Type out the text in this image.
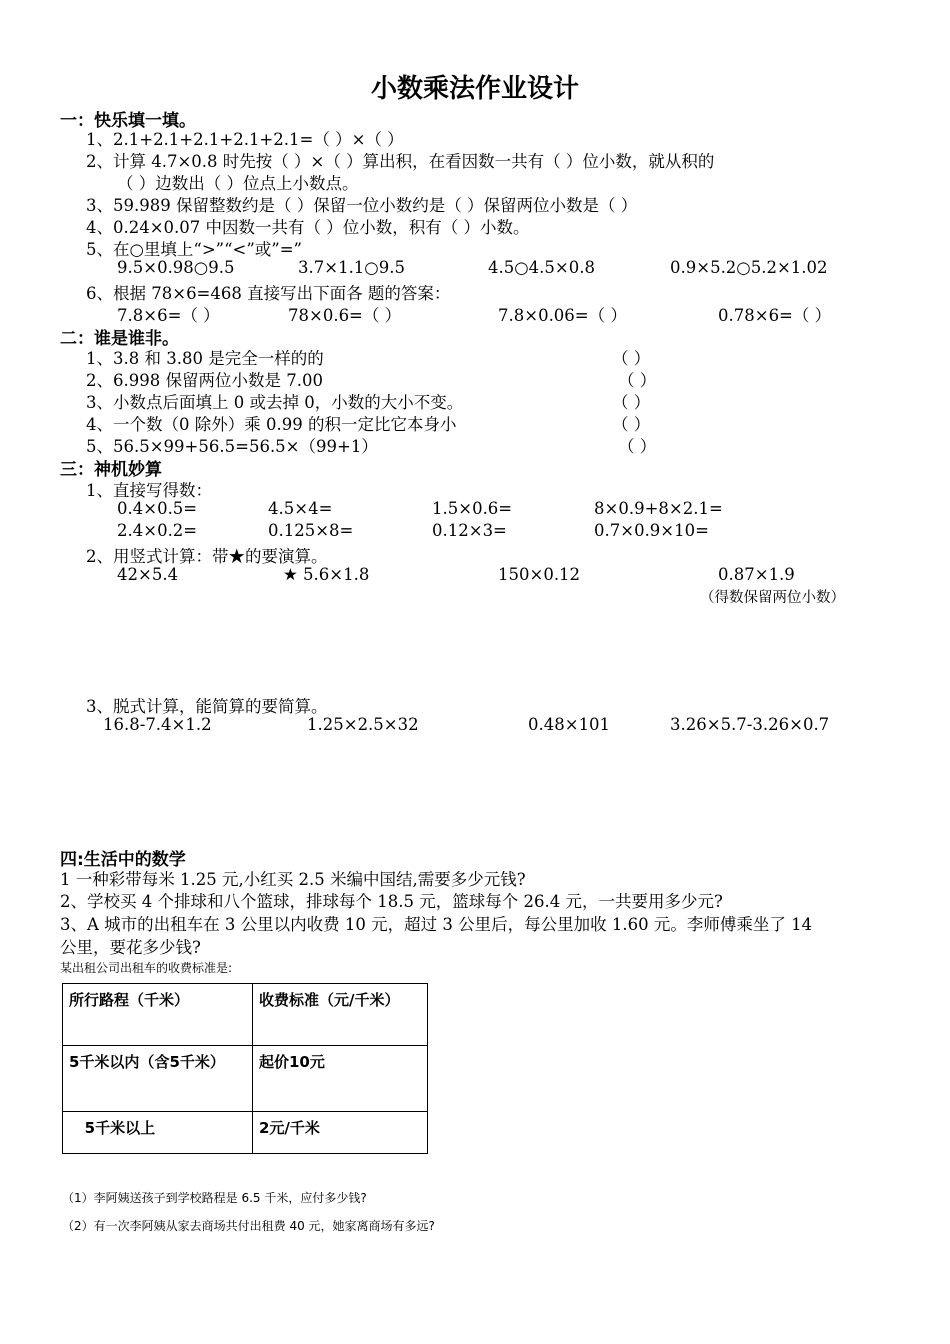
小数乘法作业设计
一：快乐填一填。
1、2.1+2.1+2.1+2.1+2.1=（ ）×（ ）
2、计算 4.7×0.8 时先按（ ）×（ ）算出积，在看因数一共有（ ）位小数，就从积的
（ ）边数出（ ）位点上小数点。
3、59.989 保留整数约是（ ）保留一位小数约是（ ）保留两位小数是（ ）
4、0.24×0.07 中因数一共有（ ）位小数，积有（ ）小数。
5、在○里填上“>”“<”或”=”
9.5×0.98○9.5	3.7×1.1○9.5	4.5○4.5×0.8	0.9×5.2○5.2×1.02
6、根据 78×6=468 直接写出下面各 题的答案：
7.8×6=（ ）	78×0.6=（ ）	7.8×0.06=（ ）	0.78×6=（ ）
二：谁是谁非。
1、3.8 和 3.80 是完全一样的的	（ ）
2、6.998 保留两位小数是 7.00	（ ）
3、小数点后面填上 0 或去掉 0，小数的大小不变。	（ ）
4、一个数（0 除外）乘 0.99 的积一定比它本身小	（ ）
5、56.5×99+56.5=56.5×（99+1）	（ ）
三：神机妙算
1、直接写得数：
0.4×0.5=	4.5×4=	1.5×0.6=	8×0.9+8×2.1=
2.4×0.2=	0.125×8=	0.12×3=	0.7×0.9×10=
2、用竖式计算：带★的要演算。
42×5.4	★ 5.6×1.8	150×0.12	0.87×1.9
（得数保留两位小数）
3、脱式计算，能简算的要简算。
16.8-7.4×1.2	1.25×2.5×32	0.48×101	3.26×5.7-3.26×0.7
四:生活中的数学
1 一种彩带每米 1.25 元,小红买 2.5 米编中国结,需要多少元钱?
2、学校买 4 个排球和八个篮球，排球每个 18.5 元，篮球每个 26.4 元，一共要用多少元?
3、A 城市的出租车在 3 公里以内收费 10 元，超过 3 公里后，每公里加收 1.60 元。李师傅乘坐了 14
公里，要花多少钱?
某出租公司出租车的收费标准是:
所行路程（千米）	收费标准（元/千米）
5千米以内（含5千米）	起价10元
5千米以上	2元/千米
（1）李阿姨送孩子到学校路程是 6.5 千米，应付多少钱?
（2）有一次李阿姨从家去商场共付出租费 40 元，她家离商场有多远?
